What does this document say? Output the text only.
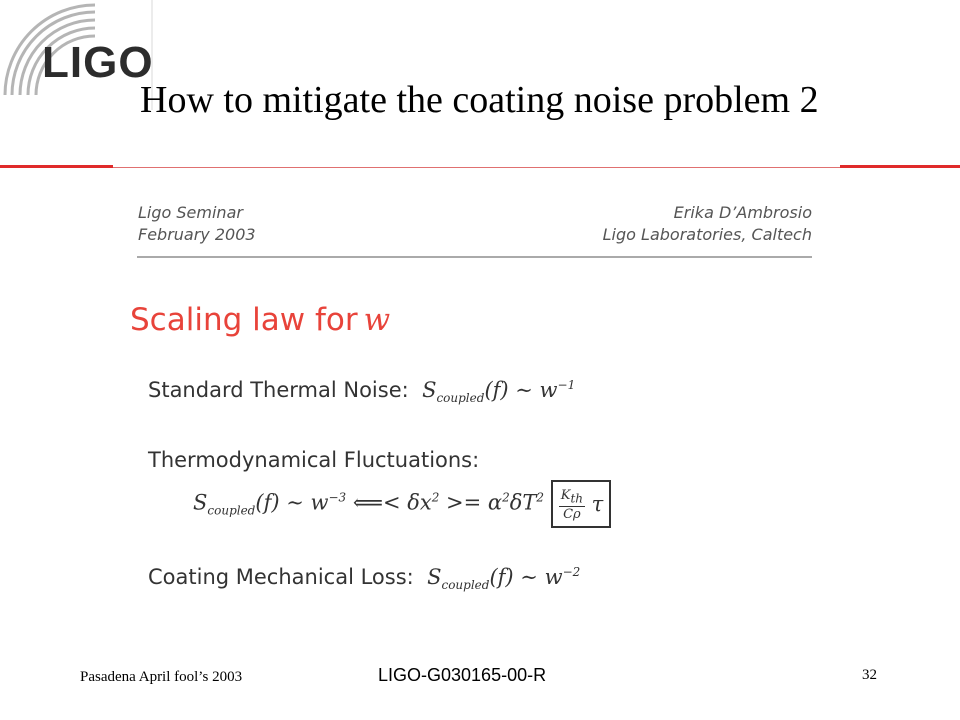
LIGO
How to mitigate the coating noise problem 2
Ligo Seminar
February 2003
Erika D’Ambrosio
Ligo Laboratories, Caltech
Scaling law for w
Standard Thermal Noise:  $S_{coupled}(f)$ ∼ $w^{-1}$
Thermodynamical Fluctuations:
$S_{coupled}(f)$ ∼ $w^{-3}$ ⟸< $\delta x^2 >= \alpha^2\delta T^2 \frac{K_{th}}{C\rho}$ τ
Coating Mechanical Loss:  $S_{coupled}(f)$ ∼ $w^{-2}$
Pasadena April fool’s 2003	LIGO-G030165-00-R	32
